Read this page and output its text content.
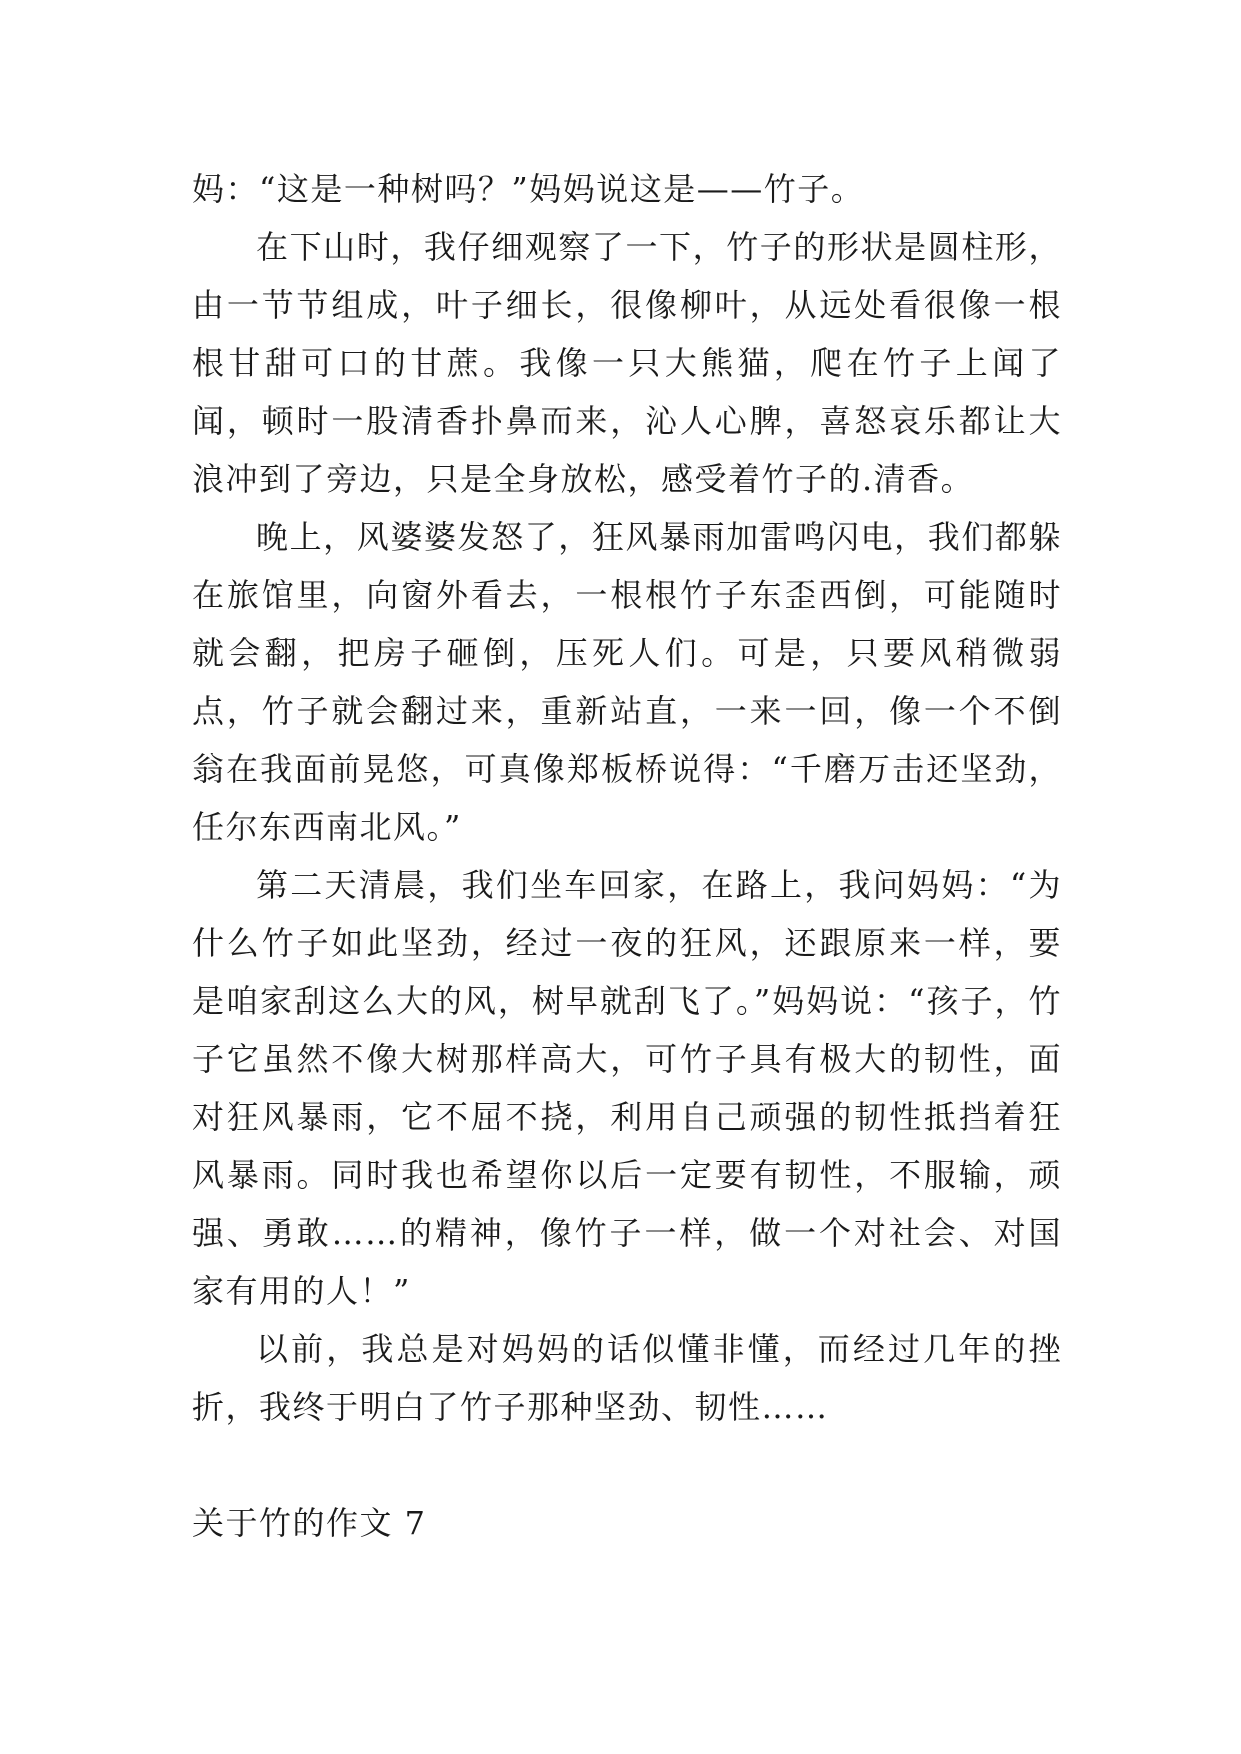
妈：“这是一种树吗？”妈妈说这是——竹子。

在下山时，我仔细观察了一下，竹子的形状是圆柱形，由一节节组成，叶子细长，很像柳叶，从远处看很像一根根甘甜可口的甘蔗。我像一只大熊猫，爬在竹子上闻了闻，顿时一股清香扑鼻而来，沁人心脾，喜怒哀乐都让大浪冲到了旁边，只是全身放松，感受着竹子的.清香。

晚上，风婆婆发怒了，狂风暴雨加雷鸣闪电，我们都躲在旅馆里，向窗外看去，一根根竹子东歪西倒，可能随时就会翻，把房子砸倒，压死人们。可是，只要风稍微弱点，竹子就会翻过来，重新站直，一来一回，像一个不倒翁在我面前晃悠，可真像郑板桥说得：“千磨万击还坚劲，任尔东西南北风。”

第二天清晨，我们坐车回家，在路上，我问妈妈：“为什么竹子如此坚劲，经过一夜的狂风，还跟原来一样，要是咱家刮这么大的风，树早就刮飞了。”妈妈说：“孩子，竹子它虽然不像大树那样高大，可竹子具有极大的韧性，面对狂风暴雨，它不屈不挠，利用自己顽强的韧性抵挡着狂风暴雨。同时我也希望你以后一定要有韧性，不服输，顽强、勇敢……的精神，像竹子一样，做一个对社会、对国家有用的人！”

以前，我总是对妈妈的话似懂非懂，而经过几年的挫折，我终于明白了竹子那种坚劲、韧性……

关于竹的作文 7
